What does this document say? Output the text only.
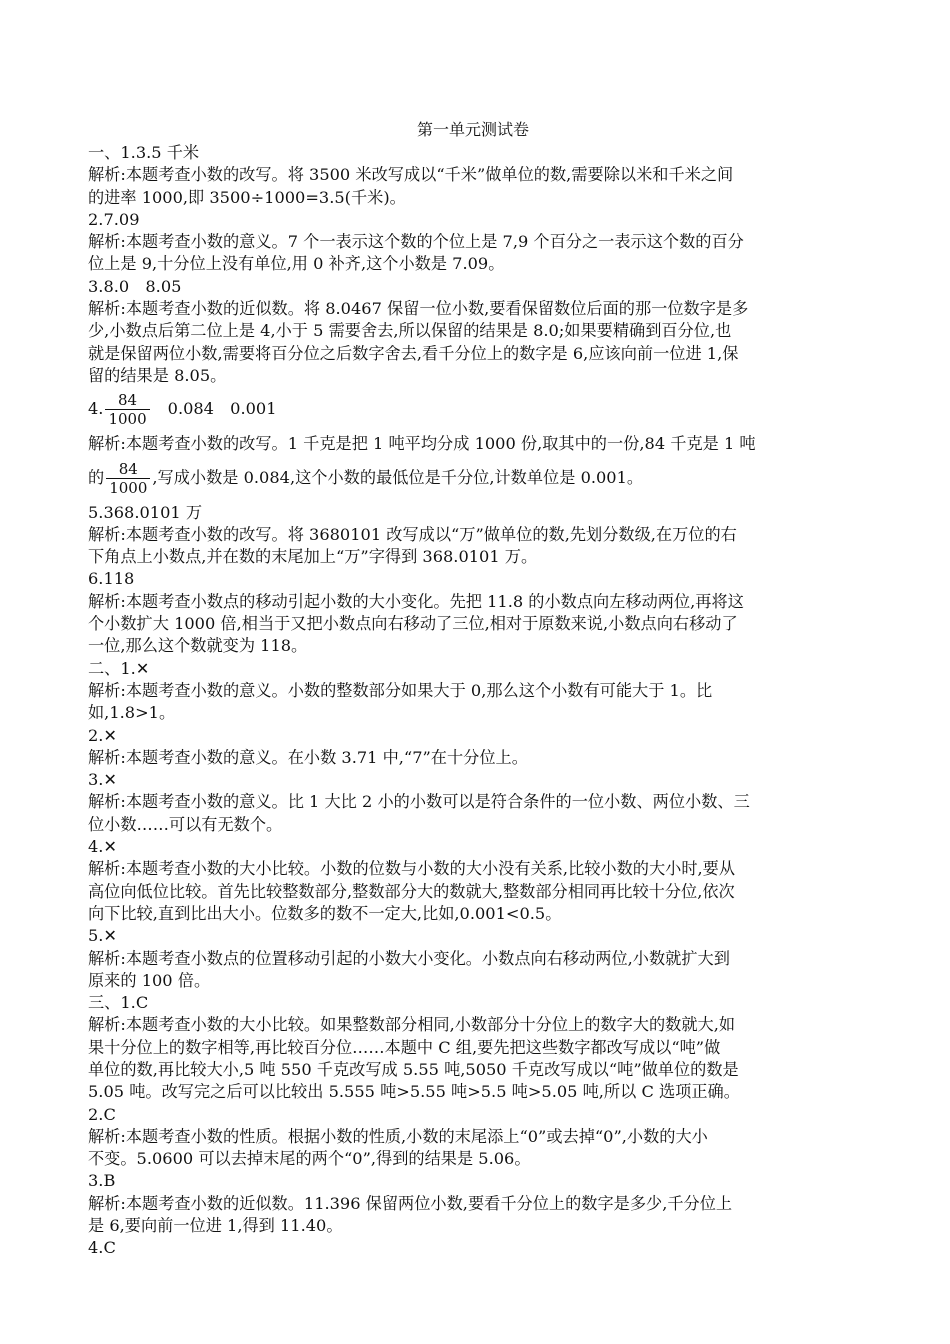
第一单元测试卷

一、1.3.5 千米

解析:本题考查小数的改写。将 3500 米改写成以“千米”做单位的数,需要除以米和千米之间

的进率 1000,即 3500÷1000=3.5(千米)。

2.7.09

解析:本题考查小数的意义。7 个一表示这个数的个位上是 7,9 个百分之一表示这个数的百分

位上是 9,十分位上没有单位,用 0 补齐,这个小数是 7.09。

3.8.0　8.05

解析:本题考查小数的近似数。将 8.0467 保留一位小数,要看保留数位后面的那一位数字是多

少,小数点后第二位上是 4,小于 5 需要舍去,所以保留的结果是 8.0;如果要精确到百分位,也

就是保留两位小数,需要将百分位之后数字舍去,看千分位上的数字是 6,应该向前一位进 1,保

留的结果是 8.05。

4. $\frac{84}{1000} 0.084$　0.001

解析:本题考查小数的改写。1 千克是把 1 吨平均分成 1000 份,取其中的一份,84 千克是 1 吨

的 $\frac{84}{1000}$ ,写成小数是 0.084,这个小数的最低位是千分位,计数单位是 0.001。

5.368.0101 万

解析:本题考查小数的改写。将 3680101 改写成以“万”做单位的数,先划分数级,在万位的右

下角点上小数点,并在数的末尾加上“万”字得到 368.0101 万。

6.118

解析:本题考查小数点的移动引起小数的大小变化。先把 11.8 的小数点向左移动两位,再将这

个小数扩大 1000 倍,相当于又把小数点向右移动了三位,相对于原数来说,小数点向右移动了

一位,那么这个数就变为 118。

二、1.✕

解析:本题考查小数的意义。小数的整数部分如果大于 0,那么这个小数有可能大于 1。比

如,1.8>1。

2.✕

解析:本题考查小数的意义。在小数 3.71 中,“7”在十分位上。

3.✕

解析:本题考查小数的意义。比 1 大比 2 小的小数可以是符合条件的一位小数、两位小数、三

位小数……可以有无数个。

4.✕

解析:本题考查小数的大小比较。小数的位数与小数的大小没有关系,比较小数的大小时,要从

高位向低位比较。首先比较整数部分,整数部分大的数就大,整数部分相同再比较十分位,依次

向下比较,直到比出大小。位数多的数不一定大,比如,0.001<0.5。

5.✕

解析:本题考查小数点的位置移动引起的小数大小变化。小数点向右移动两位,小数就扩大到

原来的 100 倍。

三、1.C

解析:本题考查小数的大小比较。如果整数部分相同,小数部分十分位上的数字大的数就大,如

果十分位上的数字相等,再比较百分位……本题中 C 组,要先把这些数字都改写成以“吨”做

单位的数,再比较大小,5 吨 550 千克改写成 5.55 吨,5050 千克改写成以“吨”做单位的数是

5.05 吨。改写完之后可以比较出 5.555 吨>5.55 吨>5.5 吨>5.05 吨,所以 C 选项正确。

2.C

解析:本题考查小数的性质。根据小数的性质,小数的末尾添上“0”或去掉“0”,小数的大小

不变。5.0600 可以去掉末尾的两个“0”,得到的结果是 5.06。

3.B

解析:本题考查小数的近似数。11.396 保留两位小数,要看千分位上的数字是多少,千分位上

是 6,要向前一位进 1,得到 11.40。

4.C
